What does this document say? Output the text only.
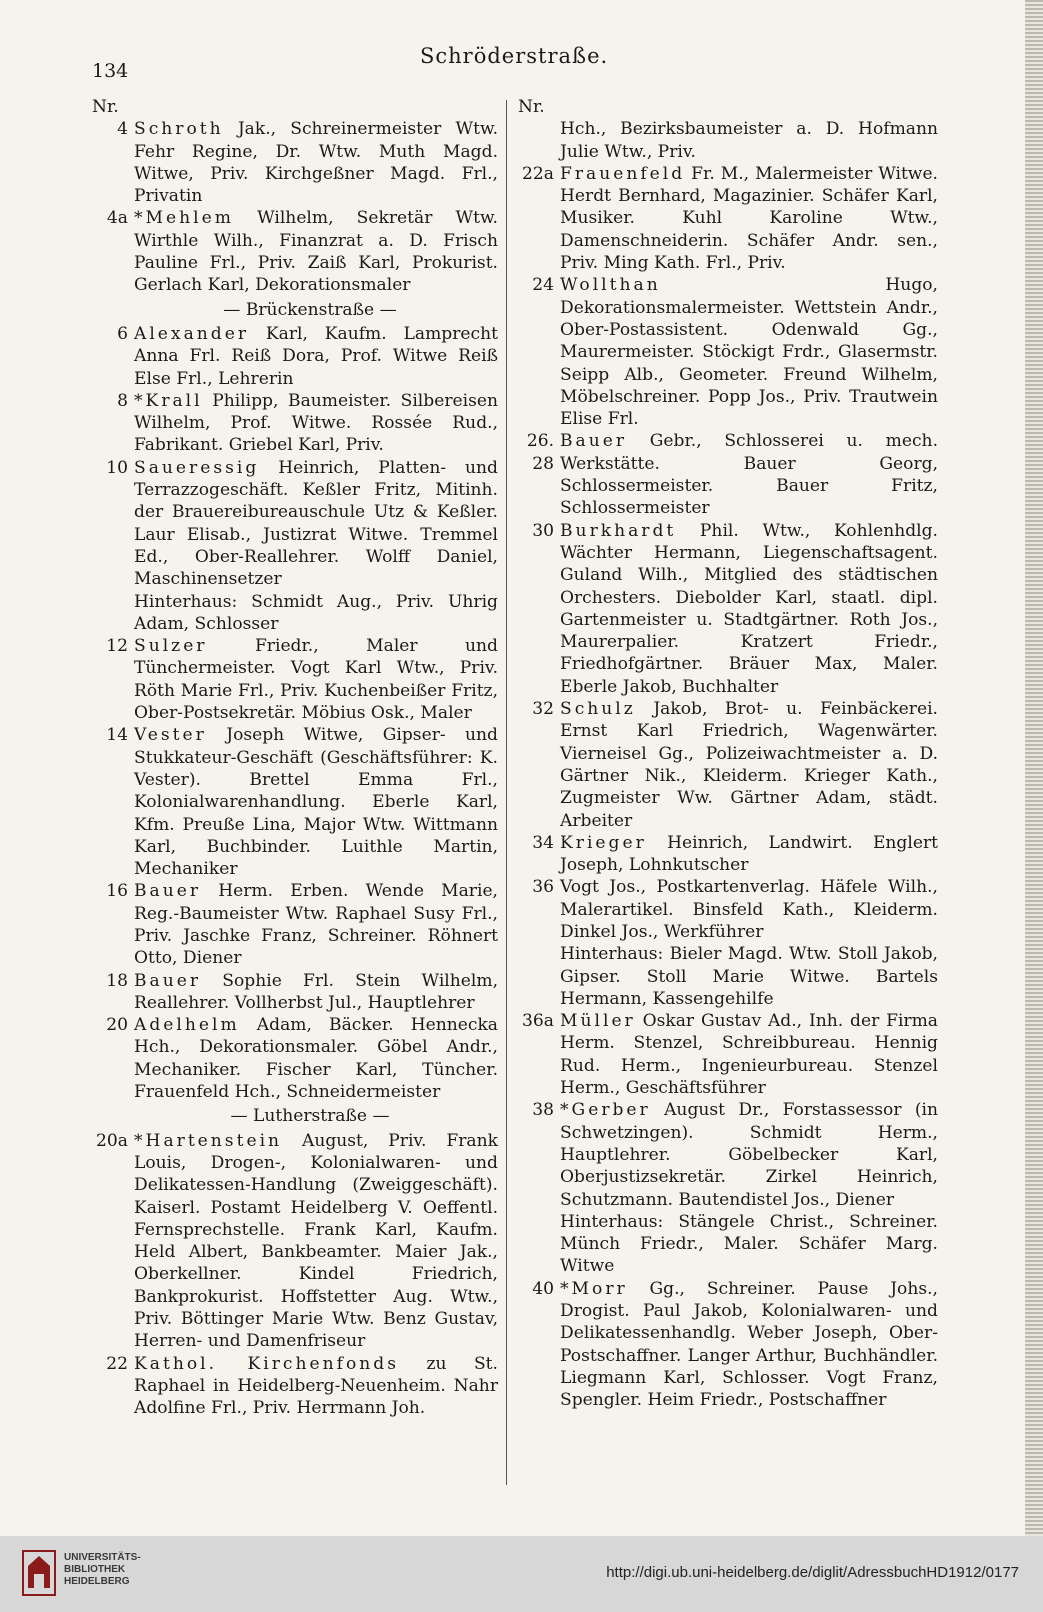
134
Schröderstraße.
Nr.
4 Schroth Jak., Schreinermeister Wtw. Fehr Regine, Dr. Wtw. Muth Magd. Witwe, Priv. Kirchgeßner Magd. Frl., Privatin
4a *Mehlem Wilhelm, Sekretär Wtw. Wirthle Wilh., Finanzrat a. D. Frisch Pauline Frl., Priv. Zaiß Karl, Prokurist. Gerlach Karl, Dekorationsmaler
— Brückenstraße —
6 Alexander Karl, Kaufm. Lamprecht Anna Frl. Reiß Dora, Prof. Witwe Reiß Else Frl., Lehrerin
8 *Krall Philipp, Baumeister. Silbereisen Wilhelm, Prof. Witwe. Rossée Rud., Fabrikant. Griebel Karl, Priv.
10 Saueressig Heinrich, Platten- und Terrazzogeschäft. Keßler Fritz, Mitinh. der Brauereibureauschule Utz & Keßler. Laur Elisab., Justizrat Witwe. Tremmel Ed., Ober-Reallehrer. Wolff Daniel, Maschinensetzer
Hinterhaus: Schmidt Aug., Priv. Uhrig Adam, Schlosser
12 Sulzer Friedr., Maler und Tünchermeister. Vogt Karl Wtw., Priv. Röth Marie Frl., Priv. Kuchenbeißer Fritz, Ober-Postsekretär. Möbius Osk., Maler
14 Vester Joseph Witwe, Gipser- und Stukkateur-Geschäft (Geschäftsführer: K. Vester). Brettel Emma Frl., Kolonialwarenhandlung. Eberle Karl, Kfm. Preuße Lina, Major Wtw. Wittmann Karl, Buchbinder. Luithle Martin, Mechaniker
16 Bauer Herm. Erben. Wende Marie, Reg.-Baumeister Wtw. Raphael Susy Frl., Priv. Jaschke Franz, Schreiner. Röhnert Otto, Diener
18 Bauer Sophie Frl. Stein Wilhelm, Reallehrer. Vollherbst Jul., Hauptlehrer
20 Adelhelm Adam, Bäcker. Hennecka Hch., Dekorationsmaler. Göbel Andr., Mechaniker. Fischer Karl, Tüncher. Frauenfeld Hch., Schneidermeister
— Lutherstraße —
20a *Hartenstein August, Priv. Frank Louis, Drogen-, Kolonialwaren- und Delikatessen-Handlung (Zweiggeschäft). Kaiserl. Postamt Heidelberg V. Oeffentl. Fernsprechstelle. Frank Karl, Kaufm. Held Albert, Bankbeamter. Maier Jak., Oberkellner. Kindel Friedrich, Bankprokurist. Hoffstetter Aug. Wtw., Priv. Böttinger Marie Wtw. Benz Gustav, Herren- und Damenfriseur
22 Kathol. Kirchenfonds zu St. Raphael in Heidelberg-Neuenheim. Nahr Adolfine Frl., Priv. Herrmann Joh.
Nr.
Hch., Bezirksbaumeister a. D. Hofmann Julie Wtw., Priv.
22a Frauenfeld Fr. M., Malermeister Witwe. Herdt Bernhard, Magazinier. Schäfer Karl, Musiker. Kuhl Karoline Wtw., Damenschneiderin. Schäfer Andr. sen., Priv. Ming Kath. Frl., Priv.
24 Wollthan Hugo, Dekorationsmalermeister. Wettstein Andr., Ober-Postassistent. Odenwald Gg., Maurermeister. Stöckigt Frdr., Glasermstr. Seipp Alb., Geometer. Freund Wilhelm, Möbelschreiner. Popp Jos., Priv. Trautwein Elise Frl.
26. 28
Bauer Gebr., Schlosserei u. mech. Werkstätte. Bauer Georg, Schlossermeister. Bauer Fritz, Schlossermeister
30 Burkhardt Phil. Wtw., Kohlenhdlg. Wächter Hermann, Liegenschaftsagent. Guland Wilh., Mitglied des städtischen Orchesters. Diebolder Karl, staatl. dipl. Gartenmeister u. Stadtgärtner. Roth Jos., Maurerpalier. Kratzert Friedr., Friedhofgärtner. Bräuer Max, Maler. Eberle Jakob, Buchhalter
32 Schulz Jakob, Brot- u. Feinbäckerei. Ernst Karl Friedrich, Wagenwärter. Vierneisel Gg., Polizeiwachtmeister a. D. Gärtner Nik., Kleiderm. Krieger Kath., Zugmeister Ww. Gärtner Adam, städt. Arbeiter
34 Krieger Heinrich, Landwirt. Englert Joseph, Lohnkutscher
36 Vogt Jos., Postkartenverlag. Häfele Wilh., Malerartikel. Binsfeld Kath., Kleiderm. Dinkel Jos., Werkführer
Hinterhaus: Bieler Magd. Wtw. Stoll Jakob, Gipser. Stoll Marie Witwe. Bartels Hermann, Kassengehilfe
36a Müller Oskar Gustav Ad., Inh. der Firma Herm. Stenzel, Schreibbureau. Hennig Rud. Herm., Ingenieurbureau. Stenzel Herm., Geschäftsführer
38 *Gerber August Dr., Forstassessor (in Schwetzingen). Schmidt Herm., Hauptlehrer. Göbelbecker Karl, Oberjustizsekretär. Zirkel Heinrich, Schutzmann. Bautendistel Jos., Diener
Hinterhaus: Stängele Christ., Schreiner. Münch Friedr., Maler. Schäfer Marg. Witwe
40 *Morr Gg., Schreiner. Pause Johs., Drogist. Paul Jakob, Kolonialwaren- und Delikatessenhandlg. Weber Joseph, Ober-Postschaffner. Langer Arthur, Buchhändler. Liegmann Karl, Schlosser. Vogt Franz, Spengler. Heim Friedr., Postschaffner
UNIVERSITÄTS-
BIBLIOTHEK
HEIDELBERG
http://digi.ub.uni-heidelberg.de/diglit/AdressbuchHD1912/0177
